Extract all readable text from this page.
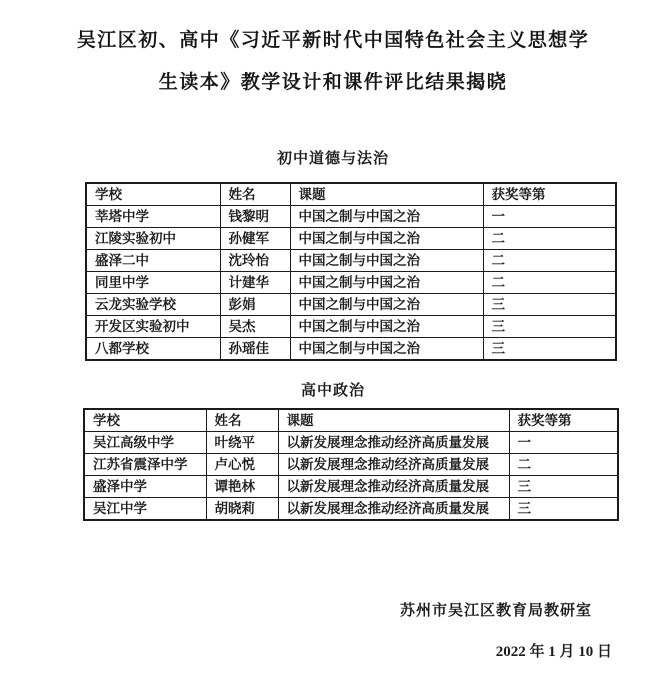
吴江区初、高中《习近平新时代中国特色社会主义思想学
生读本》教学设计和课件评比结果揭晓
初中道德与法治
学校	姓名	课题	获奖等第
莘塔中学	钱黎明	中国之制与中国之治	一
江陵实验初中	孙健军	中国之制与中国之治	二
盛泽二中	沈玲怡	中国之制与中国之治	二
同里中学	计建华	中国之制与中国之治	二
云龙实验学校	彭娟	中国之制与中国之治	三
开发区实验初中	吴杰	中国之制与中国之治	三
八都学校	孙瑶佳	中国之制与中国之治	三
高中政治
学校	姓名	课题	获奖等第
吴江高级中学	叶绕平	以新发展理念推动经济高质量发展	一
江苏省震泽中学	卢心悦	以新发展理念推动经济高质量发展	二
盛泽中学	谭艳林	以新发展理念推动经济高质量发展	三
吴江中学	胡晓莉	以新发展理念推动经济高质量发展	三
苏州市吴江区教育局教研室
2022 年 1 月 10 日
